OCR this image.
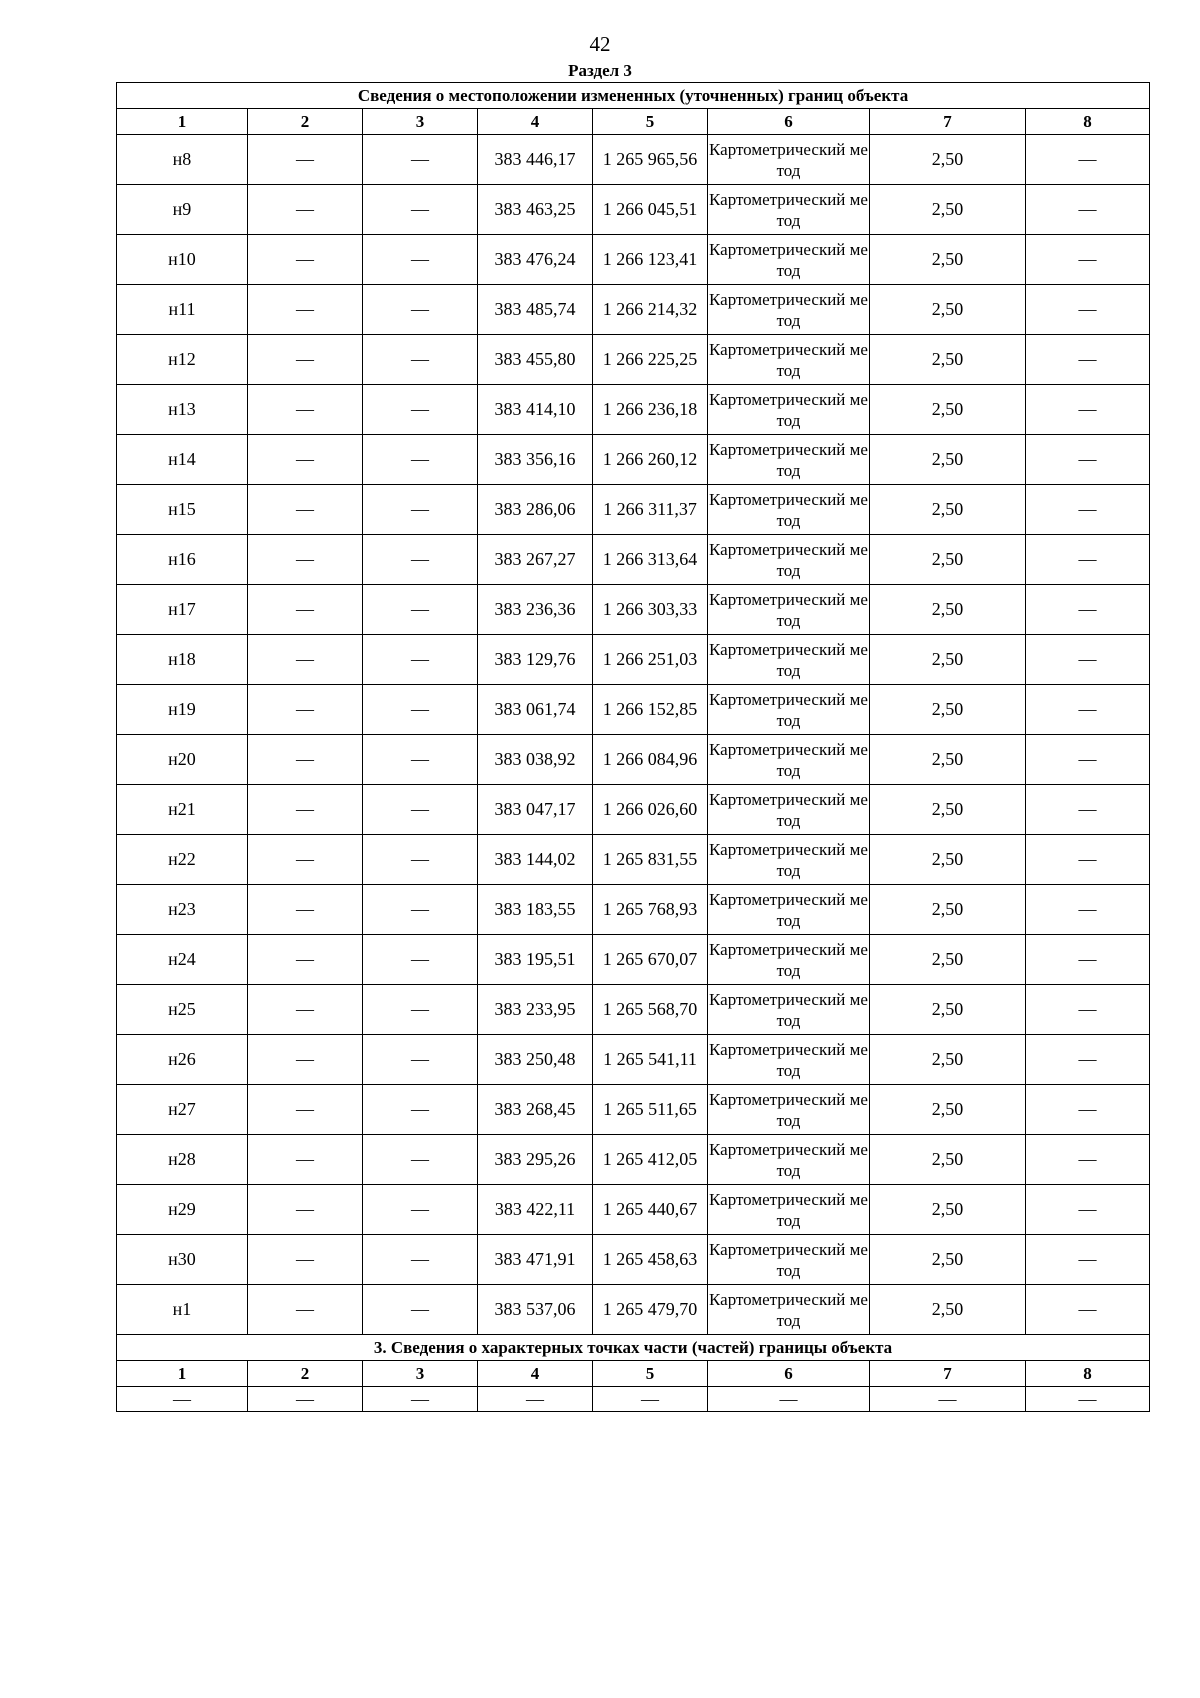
42
Раздел 3
Сведения о местоположении измененных (уточненных) границ объекта							
1	2	3	4	5	6	7	8
н8	—	—	383 446,17	1 265 965,56	Картометрический метод	2,50	—
н9	—	—	383 463,25	1 266 045,51	Картометрический метод	2,50	—
н10	—	—	383 476,24	1 266 123,41	Картометрический метод	2,50	—
н11	—	—	383 485,74	1 266 214,32	Картометрический метод	2,50	—
н12	—	—	383 455,80	1 266 225,25	Картометрический метод	2,50	—
н13	—	—	383 414,10	1 266 236,18	Картометрический метод	2,50	—
н14	—	—	383 356,16	1 266 260,12	Картометрический метод	2,50	—
н15	—	—	383 286,06	1 266 311,37	Картометрический метод	2,50	—
н16	—	—	383 267,27	1 266 313,64	Картометрический метод	2,50	—
н17	—	—	383 236,36	1 266 303,33	Картометрический метод	2,50	—
н18	—	—	383 129,76	1 266 251,03	Картометрический метод	2,50	—
н19	—	—	383 061,74	1 266 152,85	Картометрический метод	2,50	—
н20	—	—	383 038,92	1 266 084,96	Картометрический метод	2,50	—
н21	—	—	383 047,17	1 266 026,60	Картометрический метод	2,50	—
н22	—	—	383 144,02	1 265 831,55	Картометрический метод	2,50	—
н23	—	—	383 183,55	1 265 768,93	Картометрический метод	2,50	—
н24	—	—	383 195,51	1 265 670,07	Картометрический метод	2,50	—
н25	—	—	383 233,95	1 265 568,70	Картометрический метод	2,50	—
н26	—	—	383 250,48	1 265 541,11	Картометрический метод	2,50	—
н27	—	—	383 268,45	1 265 511,65	Картометрический метод	2,50	—
н28	—	—	383 295,26	1 265 412,05	Картометрический метод	2,50	—
н29	—	—	383 422,11	1 265 440,67	Картометрический метод	2,50	—
н30	—	—	383 471,91	1 265 458,63	Картометрический метод	2,50	—
н1	—	—	383 537,06	1 265 479,70	Картометрический метод	2,50	—
3. Сведения о характерных точках части (частей) границы объекта							
1	2	3	4	5	6	7	8
—	—	—	—	—	—	—	—
